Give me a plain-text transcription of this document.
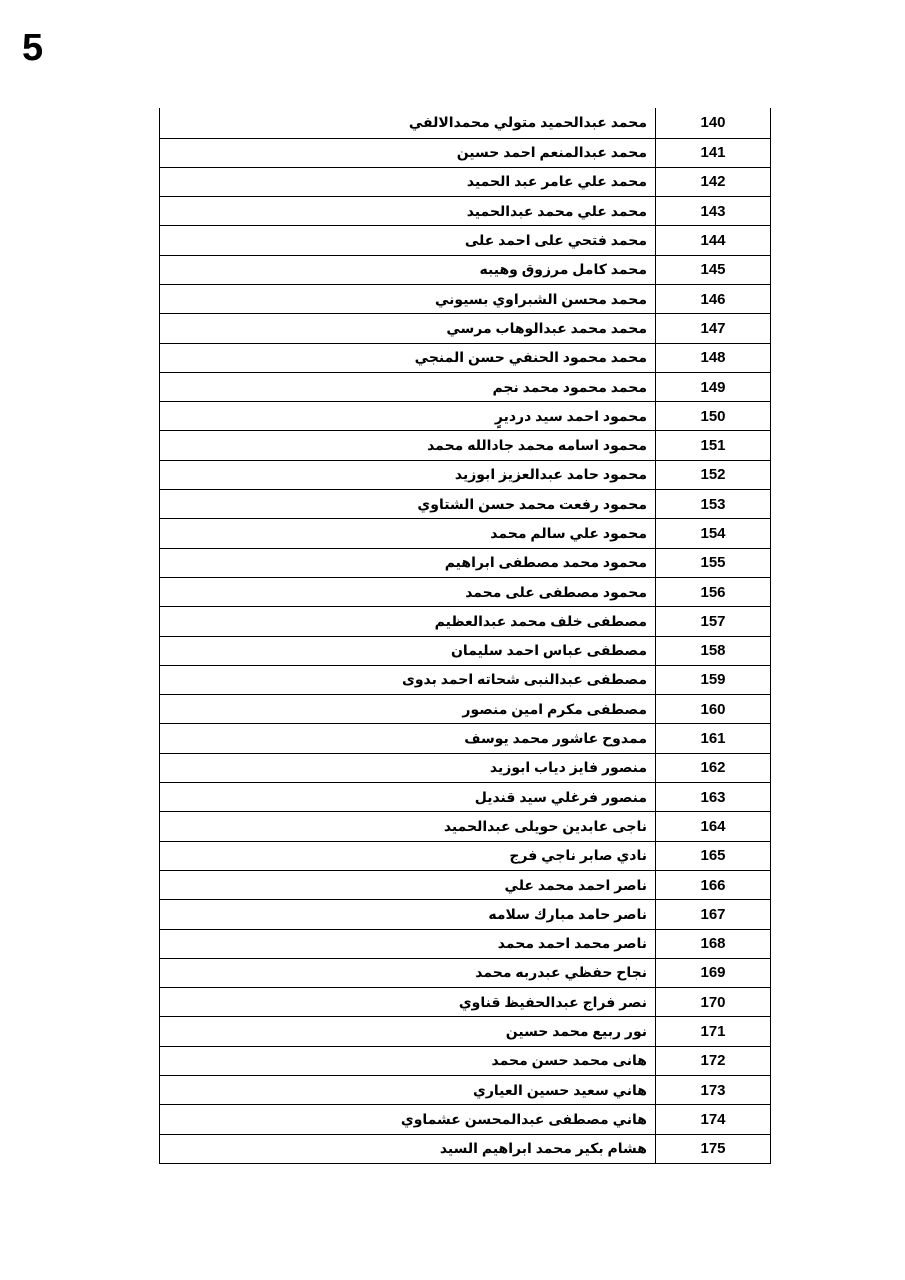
5
محمد عبدالحميد متولي محمدالالفي	140
محمد عبدالمنعم احمد حسين	141
محمد علي عامر عبد الحميد	142
محمد علي محمد عبدالحميد	143
محمد فتحي على احمد على	144
محمد كامل مرزوق وهيبه	145
محمد محسن الشبراوي بسيوني	146
محمد محمد عبدالوهاب مرسي	147
محمد محمود الحنفي حسن المنجي	148
محمد محمود محمد نجم	149
محمود احمد سيد درديرٍ	150
محمود اسامه محمد جادالله محمد	151
محمود حامد عبدالعزيز ابوزيد	152
محمود رفعت محمد حسن الشتاوي	153
محمود علي سالم محمد	154
محمود محمد مصطفى ابراهيم	155
محمود مصطفى على محمد	156
مصطفى خلف محمد عبدالعظيم	157
مصطفى عباس احمد سليمان	158
مصطفى عبدالنبى شحاته احمد بدوى	159
مصطفى مكرم امين منصور	160
ممدوح عاشور محمد يوسف	161
منصور فايز دياب ابوزيد	162
منصور فرغلي سيد قنديل	163
ناجى عابدين حويلى عبدالحميد	164
نادي صابر ناجي فرج	165
ناصر احمد محمد علي	166
ناصر حامد مبارك سلامه	167
ناصر محمد احمد محمد	168
نجاح حفظي عبدربه محمد	169
نصر فراج عبدالحفيظ قناوي	170
نور ربيع محمد حسين	171
هانى محمد حسن محمد	172
هاني سعيد حسين العياري	173
هاني مصطفى عبدالمحسن عشماوي	174
هشام بكير محمد ابراهيم السيد	175
